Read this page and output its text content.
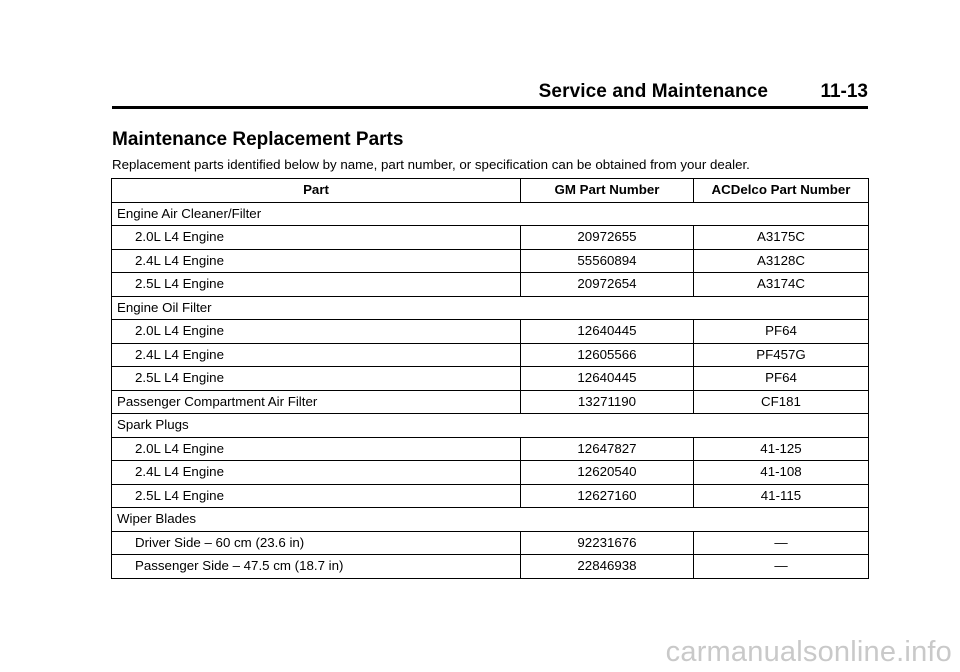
Service and Maintenance	11-13
Maintenance Replacement Parts

Replacement parts identified below by name, part number, or specification can be obtained from your dealer.

Part	GM Part Number	ACDelco Part Number
Engine Air Cleaner/Filter		
2.0L L4 Engine	20972655	A3175C
2.4L L4 Engine	55560894	A3128C
2.5L L4 Engine	20972654	A3174C
Engine Oil Filter		
2.0L L4 Engine	12640445	PF64
2.4L L4 Engine	12605566	PF457G
2.5L L4 Engine	12640445	PF64
Passenger Compartment Air Filter	13271190	CF181
Spark Plugs		
2.0L L4 Engine	12647827	41-125
2.4L L4 Engine	12620540	41-108
2.5L L4 Engine	12627160	41-115
Wiper Blades		
Driver Side – 60 cm (23.6 in)	92231676	—
Passenger Side – 47.5 cm (18.7 in)	22846938	—
carmanualsonline.info
